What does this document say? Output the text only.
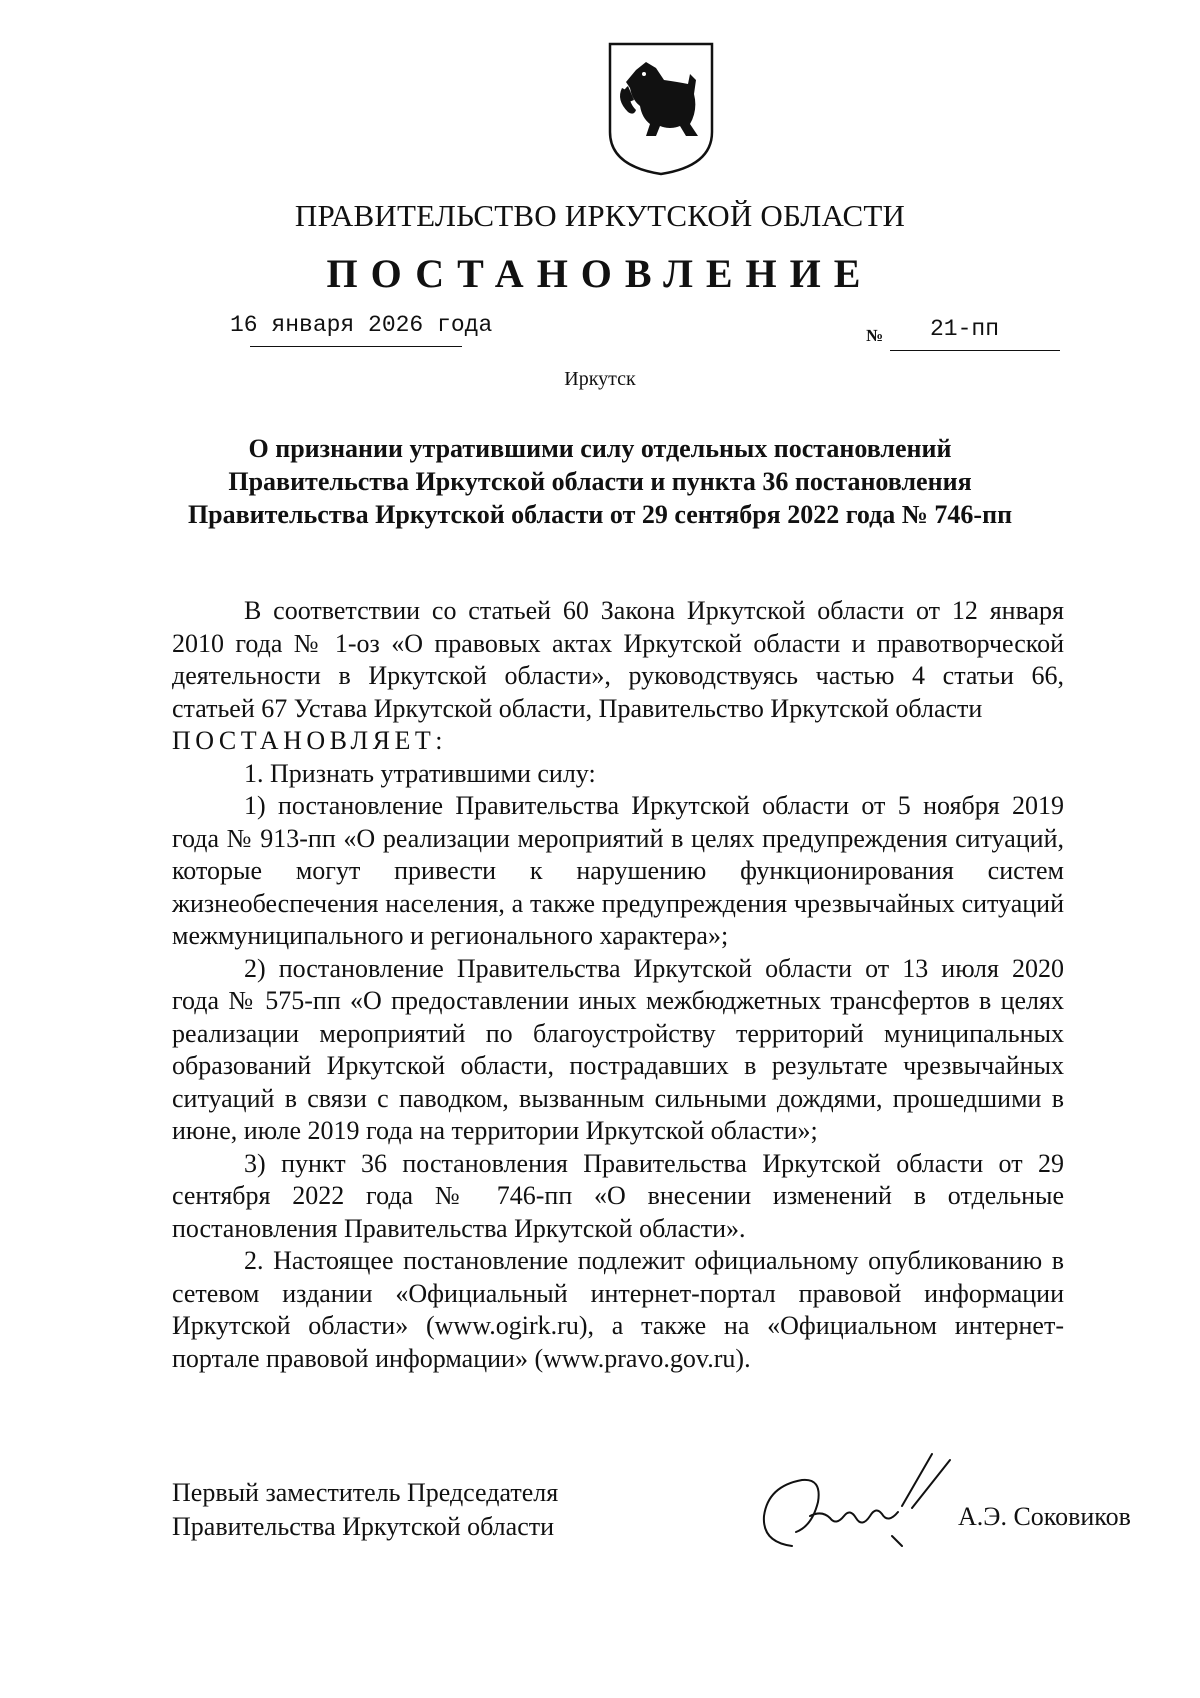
ПРАВИТЕЛЬСТВО ИРКУТСКОЙ ОБЛАСТИ
ПОСТАНОВЛЕНИЕ
16 января 2026 года	№ 21-пп
Иркутск
О признании утратившими силу отдельных постановлений Правительства Иркутской области и пункта 36 постановления Правительства Иркутской области от 29 сентября 2022 года № 746-пп

В соответствии со статьей 60 Закона Иркутской области от 12 января 2010 года № 1-оз «О правовых актах Иркутской области и правотворческой деятельности в Иркутской области», руководствуясь частью 4 статьи 66, статьей 67 Устава Иркутской области, Правительство Иркутской области

ПОСТАНОВЛЯЕТ:

1. Признать утратившими силу:

1) постановление Правительства Иркутской области от 5 ноября 2019 года № 913-пп «О реализации мероприятий в целях предупреждения ситуаций, которые могут привести к нарушению функционирования систем жизнеобеспечения населения, а также предупреждения чрезвычайных ситуаций межмуниципального и регионального характера»;

2) постановление Правительства Иркутской области от 13 июля 2020 года № 575-пп «О предоставлении иных межбюджетных трансфертов в целях реализации мероприятий по благоустройству территорий муниципальных образований Иркутской области, пострадавших в результате чрезвычайных ситуаций в связи с паводком, вызванным сильными дождями, прошедшими в июне, июле 2019 года на территории Иркутской области»;

3) пункт 36 постановления Правительства Иркутской области от 29 сентября 2022 года № 746-пп «О внесении изменений в отдельные постановления Правительства Иркутской области».

2. Настоящее постановление подлежит официальному опубликованию в сетевом издании «Официальный интернет-портал правовой информации Иркутской области» (www.ogirk.ru), а также на «Официальном интернет-портале правовой информации» (www.pravo.gov.ru).

Первый заместитель Председателя
Правительства Иркутской области	А.Э. Соковиков
